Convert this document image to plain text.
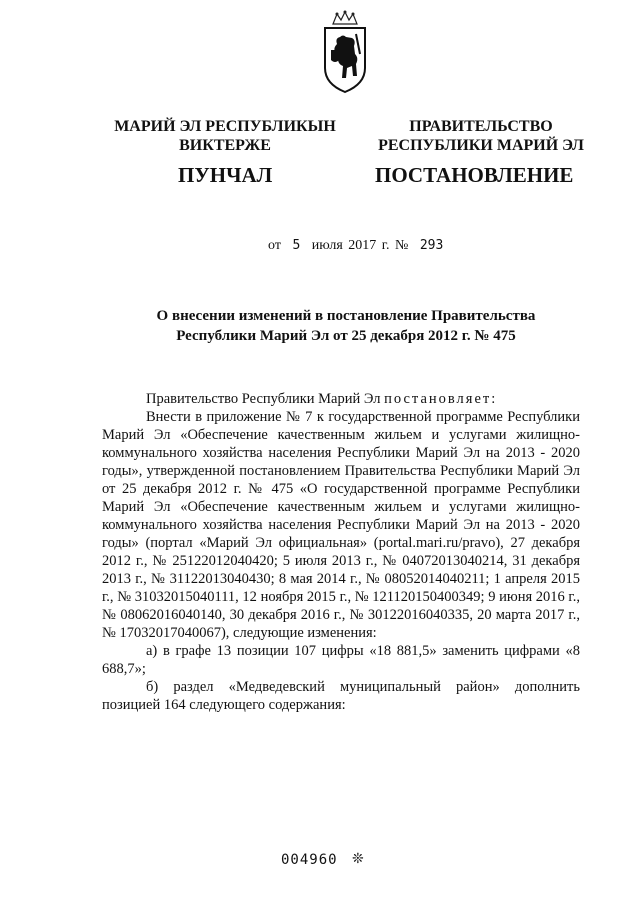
МАРИЙ ЭЛ РЕСПУБЛИКЫН
ВИКТЕРЖЕ
ПРАВИТЕЛЬСТВО
РЕСПУБЛИКИ МАРИЙ ЭЛ
ПУНЧАЛ	ПОСТАНОВЛЕНИЕ
от 5 июля 2017 г. № 293
О внесении изменений в постановление Правительства
Республики Марий Эл от 25 декабря 2012 г. № 475

Правительство Республики Марий Эл постановляет:

Внести в приложение № 7 к государственной программе Республики Марий Эл «Обеспечение качественным жильем и услугами жилищно-коммунального хозяйства населения Республики Марий Эл на 2013 - 2020 годы», утвержденной постановлением Правительства Республики Марий Эл от 25 декабря 2012 г. № 475 «О государственной программе Республики Марий Эл «Обеспечение качественным жильем и услугами жилищно-коммунального хозяйства населения Республики Марий Эл на 2013 - 2020 годы» (портал «Марий Эл официальная» (portal.mari.ru/pravo), 27 декабря 2012 г., № 25122012040420; 5 июля 2013 г., № 04072013040214, 31 декабря 2013 г., № 31122013040430; 8 мая 2014 г., № 08052014040211; 1 апреля 2015 г., № 31032015040111, 12 ноября 2015 г., № 121120150400349; 9 июня 2016 г., № 08062016040140, 30 декабря 2016 г., № 30122016040335, 20 марта 2017 г., № 17032017040067), следующие изменения:

а) в графе 13 позиции 107 цифры «18 881,5» заменить цифрами «8 688,7»;

б) раздел «Медведевский муниципальный район» дополнить позицией 164 следующего содержания:

004960 ❊
